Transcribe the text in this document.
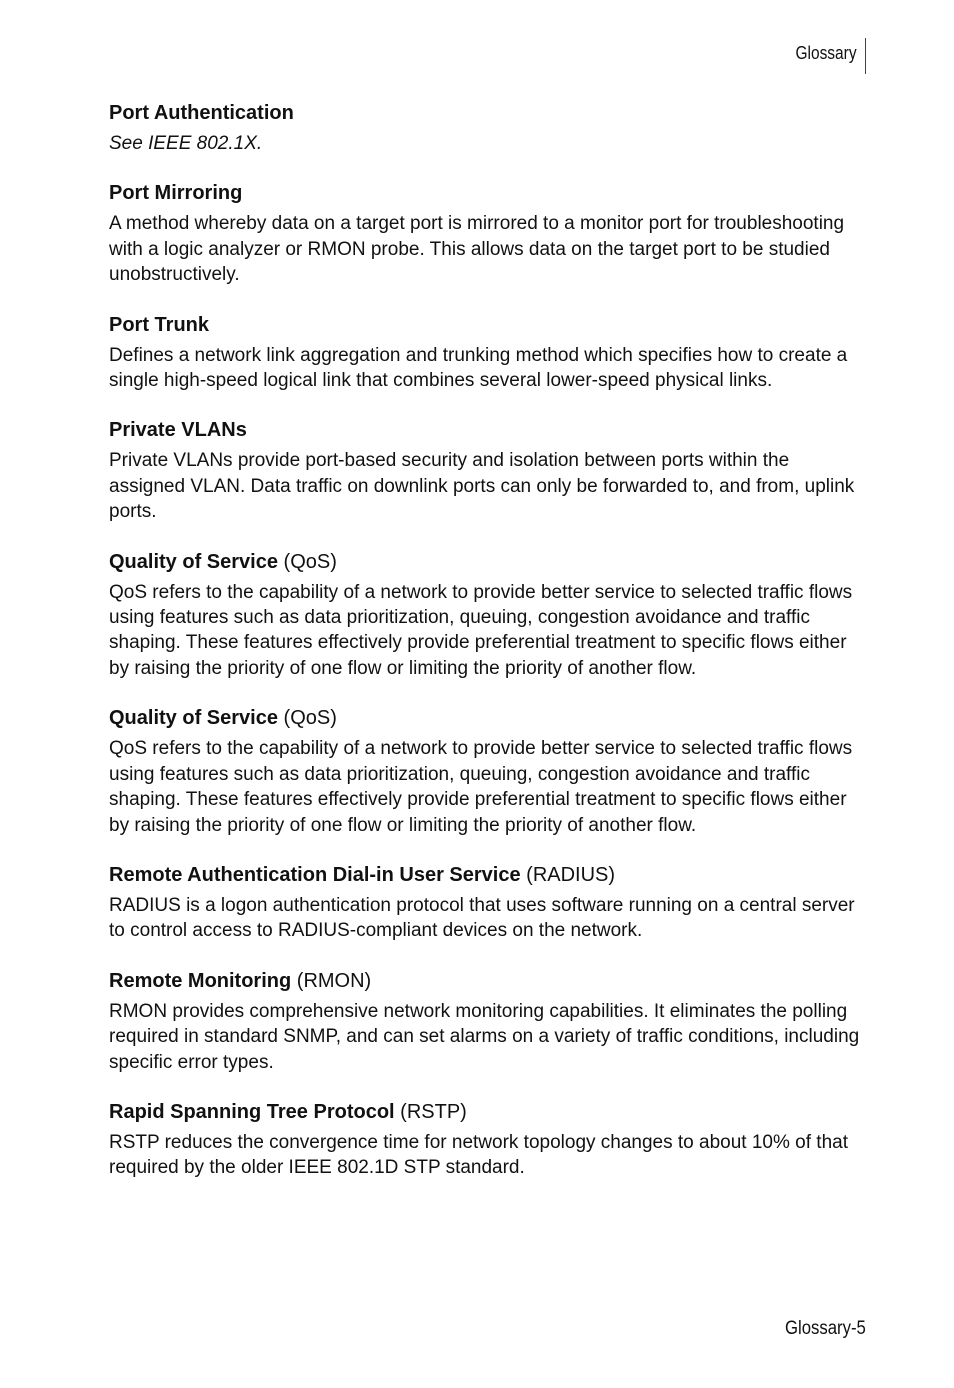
Glossary
Port Authentication

See IEEE 802.1X.

Port Mirroring

A method whereby data on a target port is mirrored to a monitor port for troubleshooting with a logic analyzer or RMON probe. This allows data on the target port to be studied unobstructively.

Port Trunk

Defines a network link aggregation and trunking method which specifies how to create a single high-speed logical link that combines several lower-speed physical links.

Private VLANs

Private VLANs provide port-based security and isolation between ports within the assigned VLAN. Data traffic on downlink ports can only be forwarded to, and from, uplink ports.

Quality of Service (QoS)

QoS refers to the capability of a network to provide better service to selected traffic flows using features such as data prioritization, queuing, congestion avoidance and traffic shaping. These features effectively provide preferential treatment to specific flows either by raising the priority of one flow or limiting the priority of another flow.

Quality of Service (QoS)

QoS refers to the capability of a network to provide better service to selected traffic flows using features such as data prioritization, queuing, congestion avoidance and traffic shaping. These features effectively provide preferential treatment to specific flows either by raising the priority of one flow or limiting the priority of another flow.

Remote Authentication Dial-in User Service (RADIUS)

RADIUS is a logon authentication protocol that uses software running on a central server to control access to RADIUS-compliant devices on the network.

Remote Monitoring (RMON)

RMON provides comprehensive network monitoring capabilities. It eliminates the polling required in standard SNMP, and can set alarms on a variety of traffic conditions, including specific error types.

Rapid Spanning Tree Protocol (RSTP)

RSTP reduces the convergence time for network topology changes to about 10% of that required by the older IEEE 802.1D STP standard.

Glossary-5
